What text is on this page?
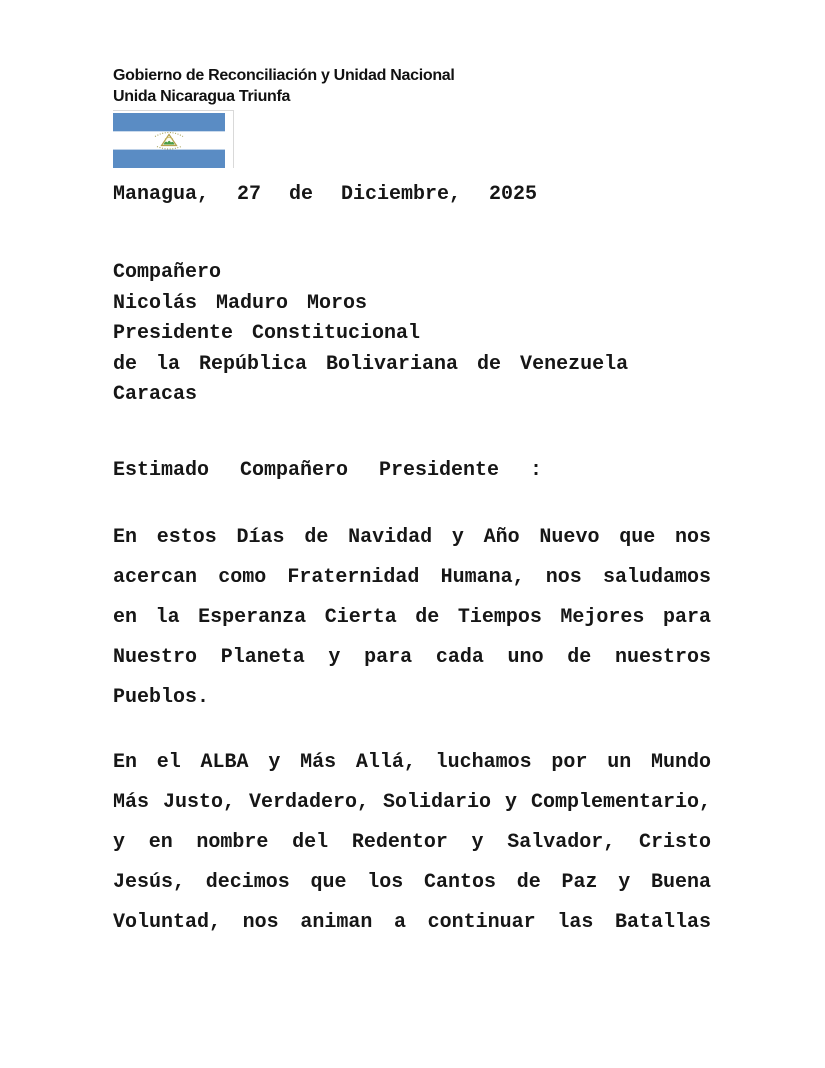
Gobierno de Reconciliación y Unidad Nacional
Unida Nicaragua Triunfa
Managua, 27 de Diciembre, 2025
Compañero
Nicolás Maduro Moros
Presidente Constitucional
de la República Bolivariana de Venezuela
Caracas
Estimado Compañero Presidente :
En estos Días de Navidad y Año Nuevo que nos
acercan como Fraternidad Humana, nos saludamos
en la Esperanza Cierta de Tiempos Mejores para
Nuestro Planeta y para cada uno de nuestros
Pueblos.
En el ALBA y Más Allá, luchamos por un Mundo
Más Justo, Verdadero, Solidario y Complementario,
y en nombre del Redentor y Salvador, Cristo
Jesús, decimos que los Cantos de Paz y Buena
Voluntad, nos animan a continuar las Batallas
